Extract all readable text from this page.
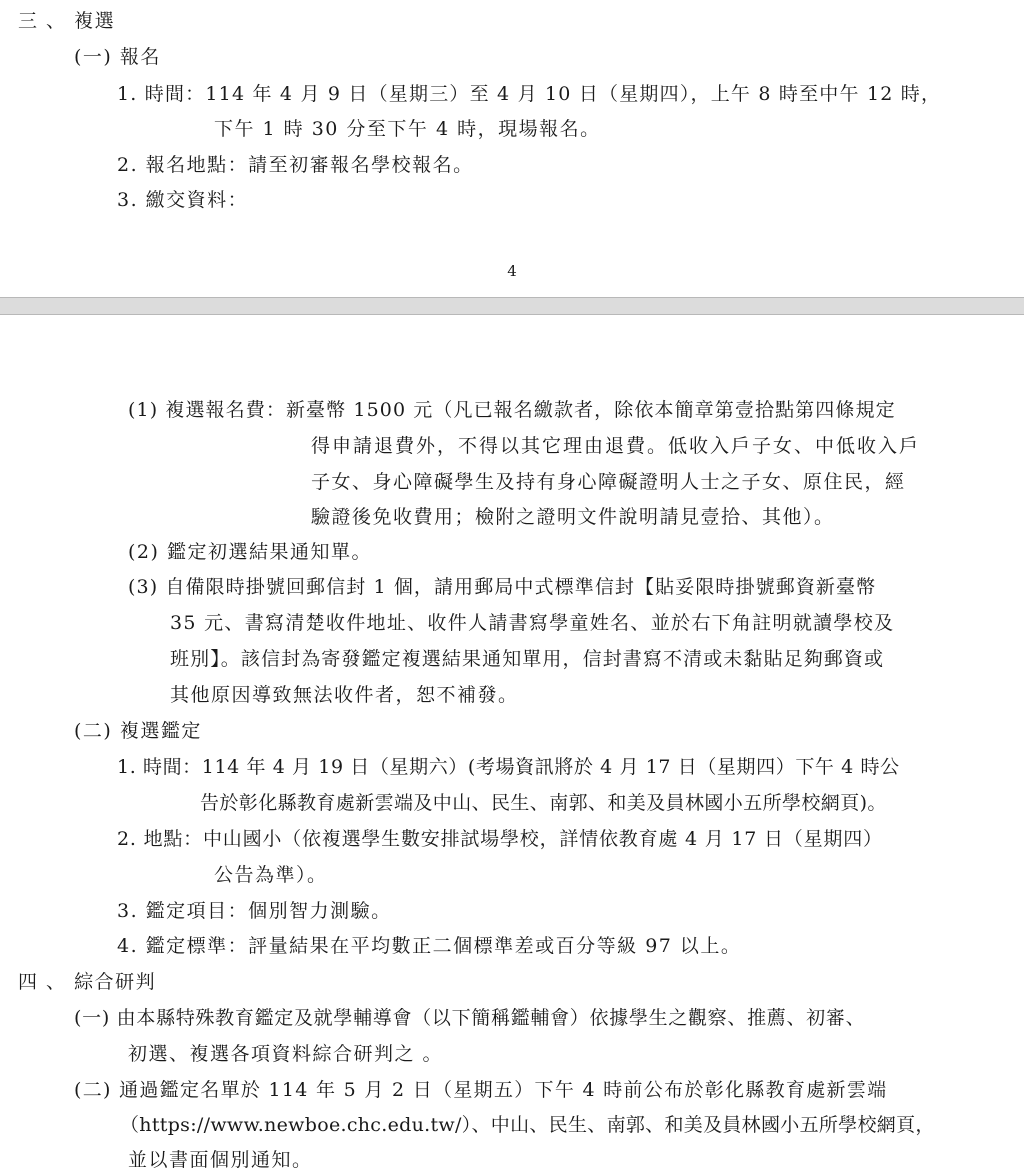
三 、 複選
(一) 報名
1. 時間：114 年 4 月 9 日（星期三）至 4 月 10 日（星期四），上午 8 時至中午 12 時，
下午 1 時 30 分至下午 4 時，現場報名。
2. 報名地點：請至初審報名學校報名。
3. 繳交資料：
4
(1) 複選報名費：新臺幣 1500 元（凡已報名繳款者，除依本簡章第壹拾點第四條規定
得申請退費外，不得以其它理由退費。低收入戶子女、中低收入戶
子女、身心障礙學生及持有身心障礙證明人士之子女、原住民，經
驗證後免收費用；檢附之證明文件說明請見壹拾、其他）。
(2) 鑑定初選結果通知單。
(3) 自備限時掛號回郵信封 1 個，請用郵局中式標準信封【貼妥限時掛號郵資新臺幣
35 元、書寫清楚收件地址、收件人請書寫學童姓名、並於右下角註明就讀學校及
班別】。該信封為寄發鑑定複選結果通知單用，信封書寫不清或未黏貼足夠郵資或
其他原因導致無法收件者，恕不補發。
(二) 複選鑑定
1. 時間：114 年 4 月 19 日（星期六）(考場資訊將於 4 月 17 日（星期四）下午 4 時公
告於彰化縣教育處新雲端及中山、民生、南郭、和美及員林國小五所學校網頁)。
2. 地點：中山國小（依複選學生數安排試場學校，詳情依教育處 4 月 17 日（星期四）
公告為準）。
3. 鑑定項目：個別智力測驗。
4. 鑑定標準：評量結果在平均數正二個標準差或百分等級 97 以上。
四 、 綜合研判
(一) 由本縣特殊教育鑑定及就學輔導會（以下簡稱鑑輔會）依據學生之觀察、推薦、初審、
初選、複選各項資料綜合研判之 。
(二) 通過鑑定名單於 114 年 5 月 2 日（星期五）下午 4 時前公布於彰化縣教育處新雲端
（https://www.newboe.chc.edu.tw/）、中山、民生、南郭、和美及員林國小五所學校網頁，
並以書面個別通知。
